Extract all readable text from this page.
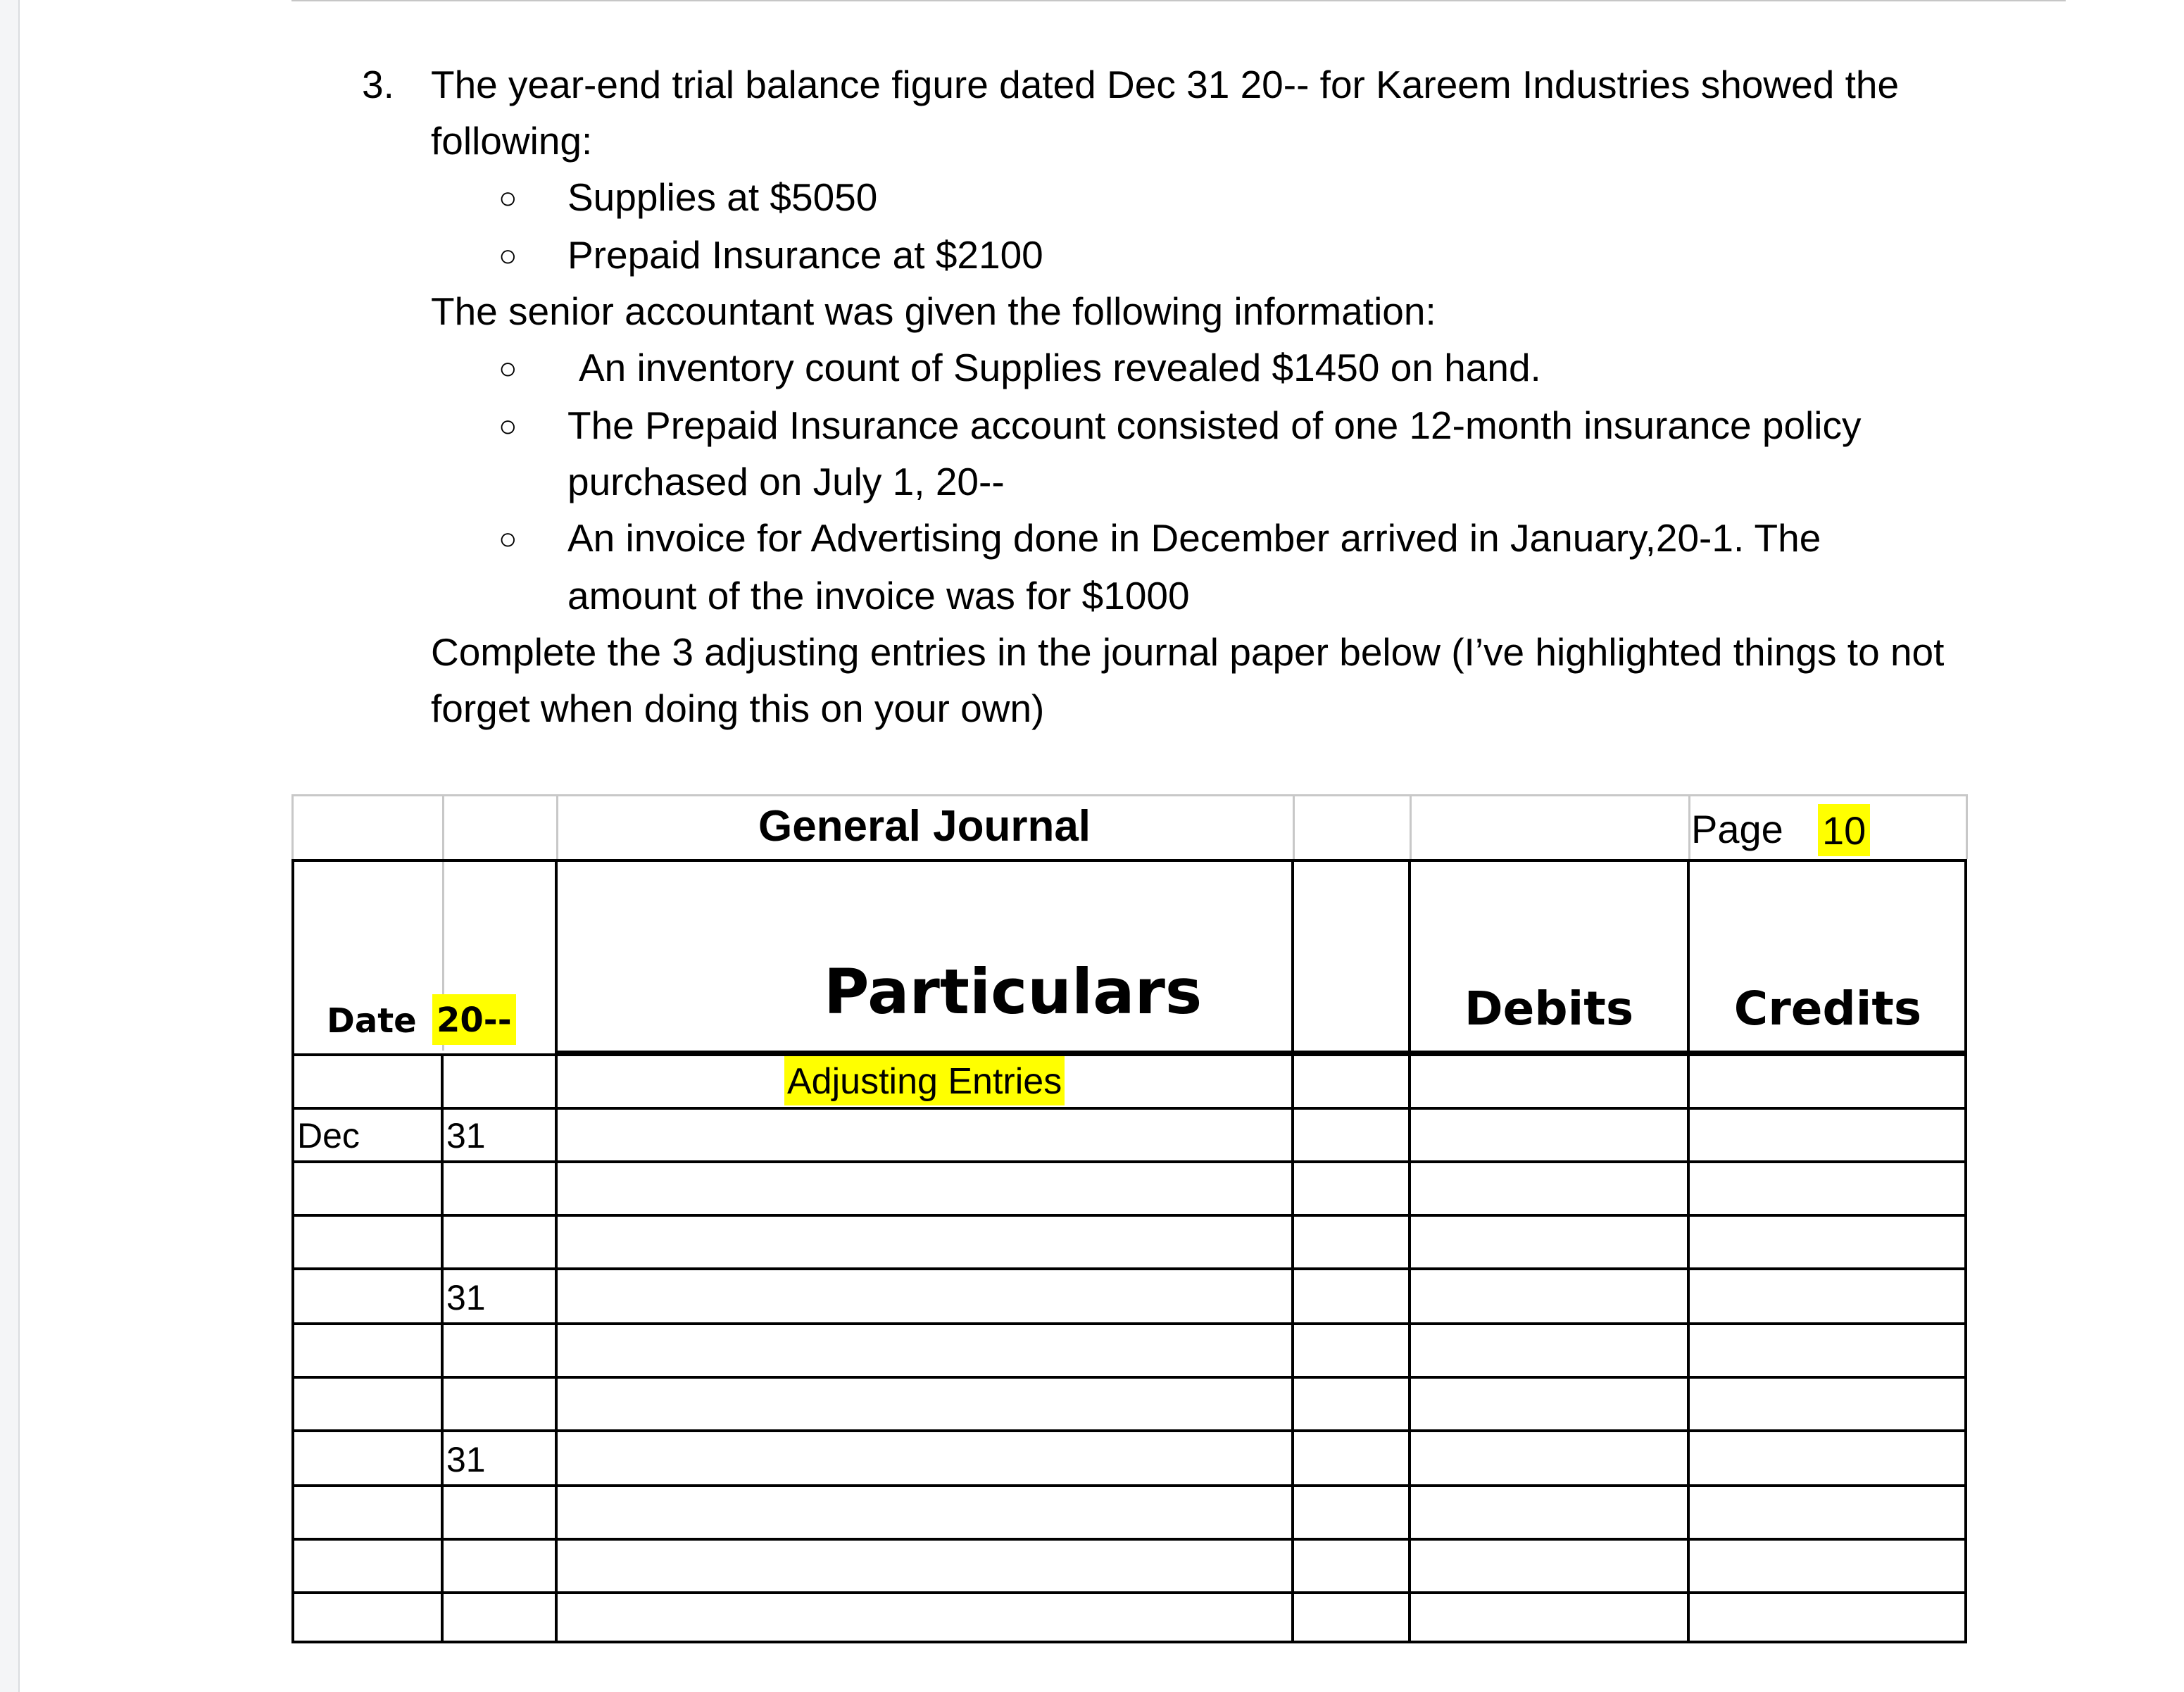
3. The year-end trial balance figure dated Dec 31 20-- for Kareem Industries showed the
following:
○ Supplies at $5050
○ Prepaid Insurance at $2100
The senior accountant was given the following information:
○ An inventory count of Supplies revealed $1450 on hand.
○ The Prepaid Insurance account consisted of one 12-month insurance policy
purchased on July 1, 20--
○ An invoice for Advertising done in December arrived in January,20-1. The
amount of the invoice was for $1000
Complete the 3 adjusting entries in the journal paper below (I’ve highlighted things to not
forget when doing this on your own)
General Journal	Page 10
Date 20--	Particulars	Debits	Credits
Adjusting Entries
Dec 31
31
31
